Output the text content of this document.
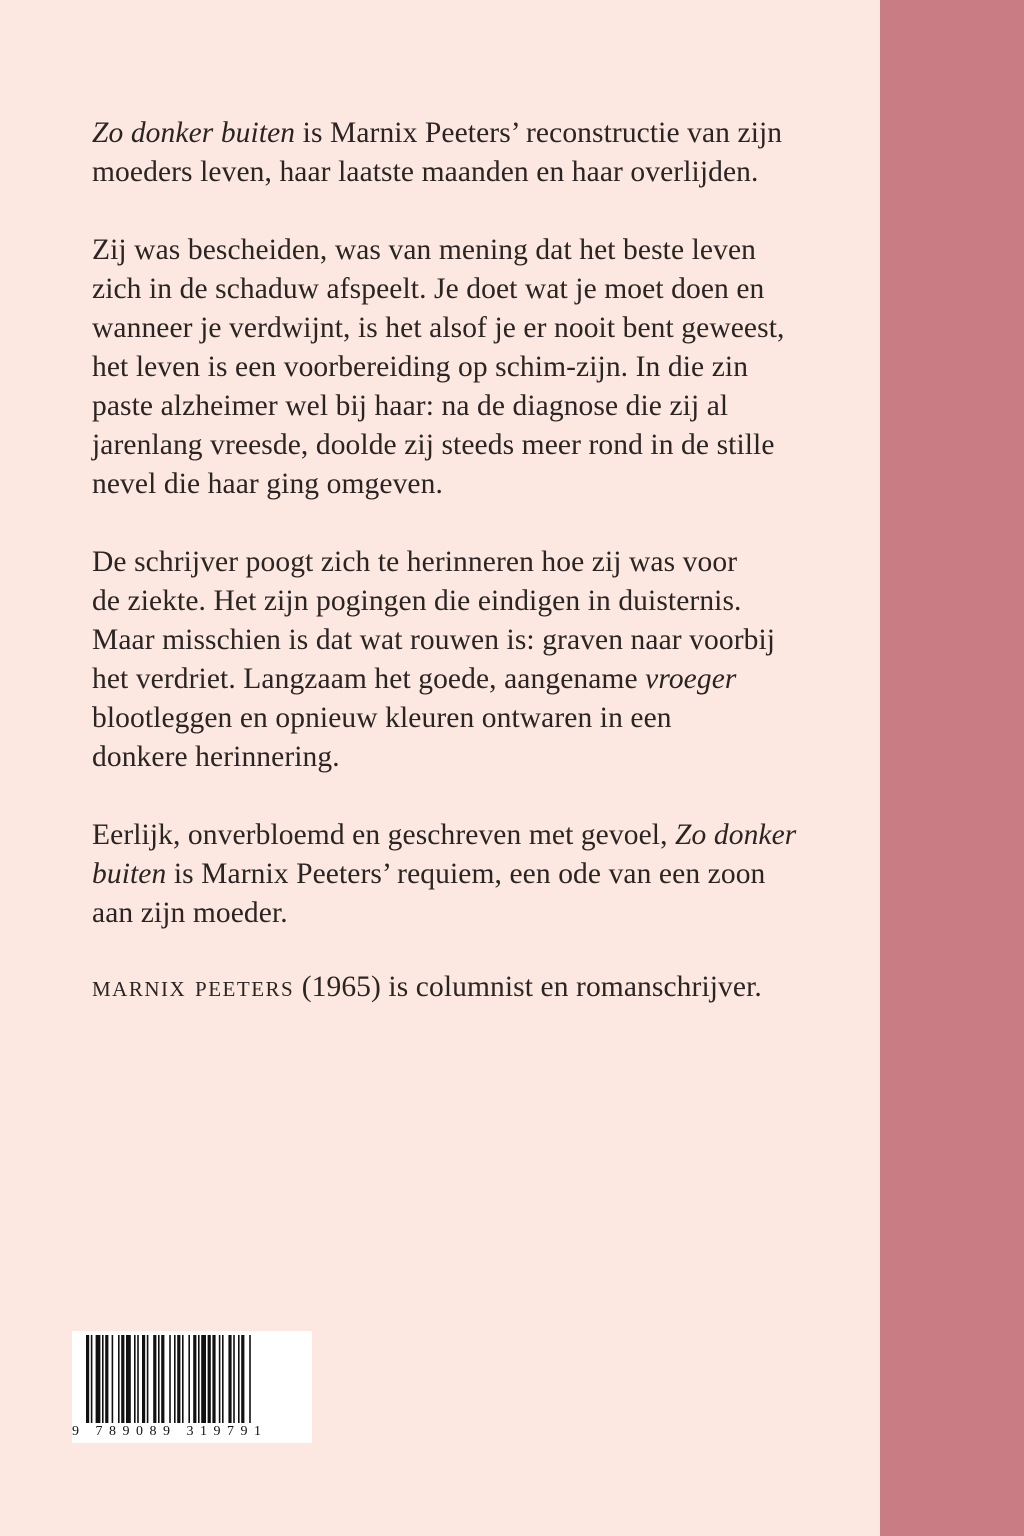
Zo donker buiten is Marnix Peeters’ reconstructie van zijn
moeders leven, haar laatste maanden en haar overlijden.

Zij was bescheiden, was van mening dat het beste leven
zich in de schaduw afspeelt. Je doet wat je moet doen en
wanneer je verdwijnt, is het alsof je er nooit bent geweest,
het leven is een voorbereiding op schim-zijn. In die zin
paste alzheimer wel bij haar: na de diagnose die zij al
jarenlang vreesde, doolde zij steeds meer rond in de stille
nevel die haar ging omgeven.

De schrijver poogt zich te herinneren hoe zij was voor
de ziekte. Het zijn pogingen die eindigen in duisternis.
Maar misschien is dat wat rouwen is: graven naar voorbij
het verdriet. Langzaam het goede, aangename vroeger
blootleggen en opnieuw kleuren ontwaren in een
donkere herinnering.

Eerlijk, onverbloemd en geschreven met gevoel, Zo donker
buiten is Marnix Peeters’ requiem, een ode van een zoon
aan zijn moeder.

marnix peeters (1965) is columnist en romanschrijver.

9 789089 319791
